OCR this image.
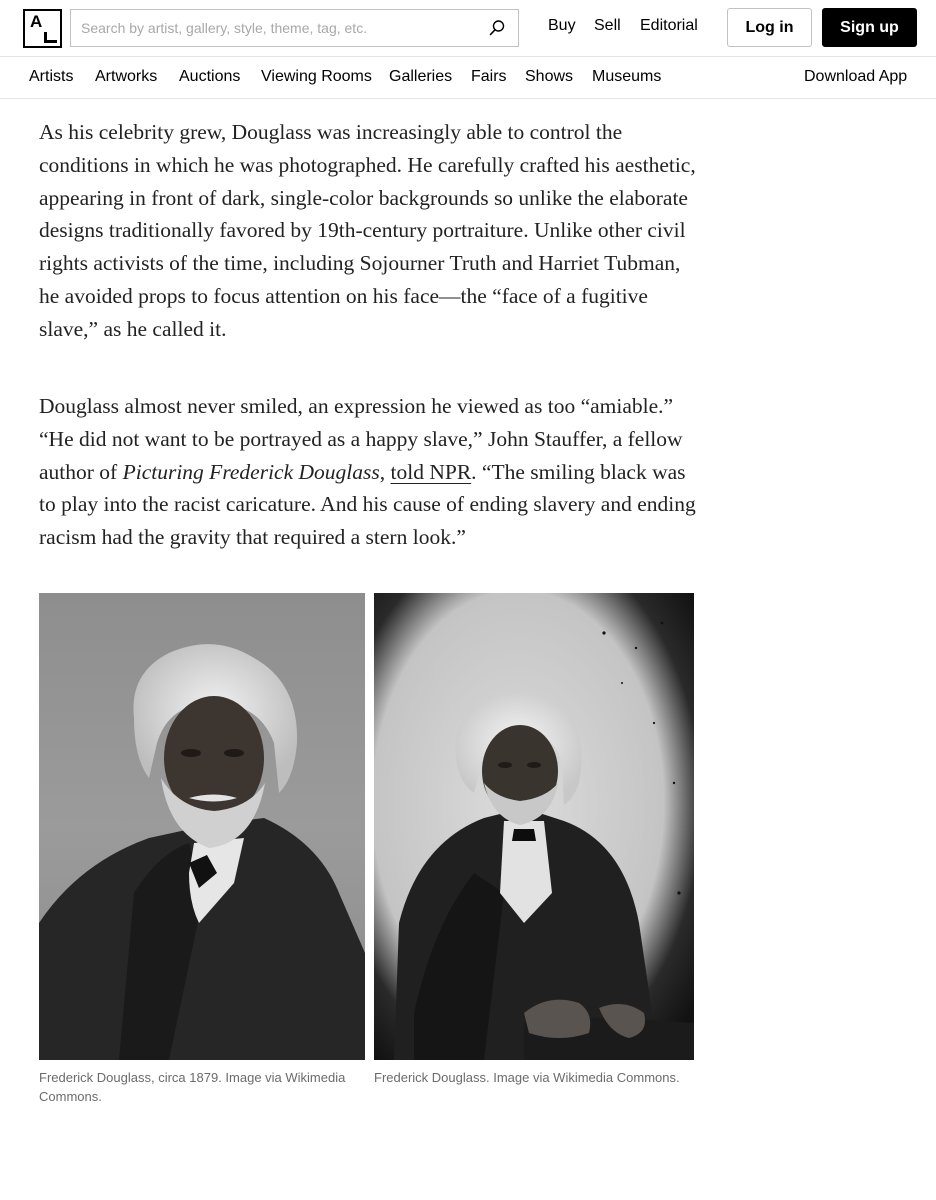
A
Search by artist, gallery, style, theme, tag, etc.	Buy Sell Editorial	Log in	Sign up
Artists Artworks Auctions Viewing Rooms Galleries Fairs Shows Museums	Download App

As his celebrity grew, Douglass was increasingly able to control the conditions in which he was photographed. He carefully crafted his aesthetic, appearing in front of dark, single-color backgrounds so unlike the elaborate designs traditionally favored by 19th-century portraiture. Unlike other civil rights activists of the time, including Sojourner Truth and Harriet Tubman, he avoided props to focus attention on his face—the “face of a fugitive slave,” as he called it.

Douglass almost never smiled, an expression he viewed as too “amiable.” “He did not want to be portrayed as a happy slave,” John Stauffer, a fellow author of Picturing Frederick Douglass, told NPR. “The smiling black was to play into the racist caricature. And his cause of ending slavery and ending racism had the gravity that required a stern look.”

Frederick Douglass, circa 1879. Image via Wikimedia Commons.

Frederick Douglass. Image via Wikimedia Commons.
